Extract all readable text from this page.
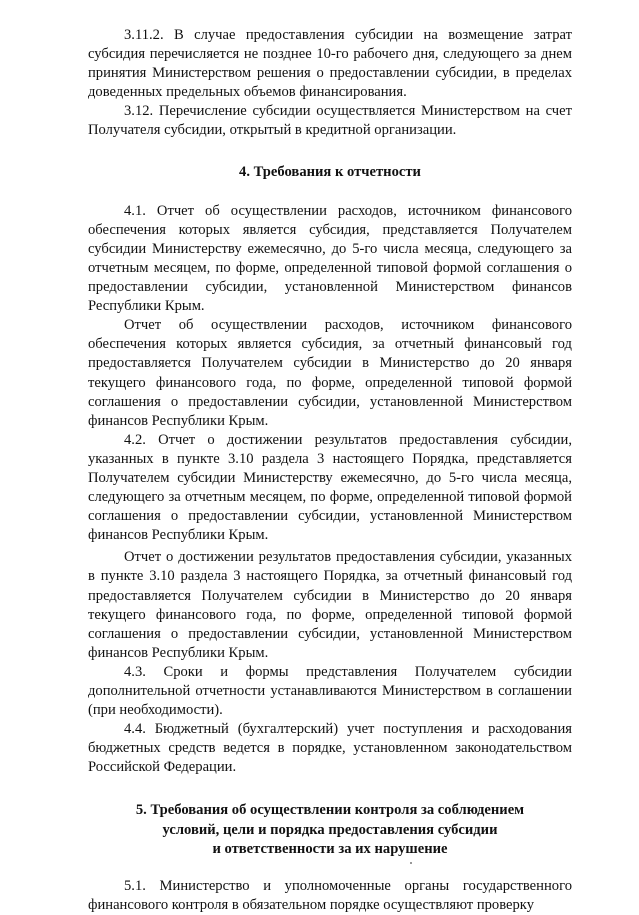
3.11.2. В случае предоставления субсидии на возмещение затрат субсидия перечисляется не позднее 10-го рабочего дня, следующего за днем принятия Министерством решения о предоставлении субсидии, в пределах доведенных предельных объемов финансирования.

3.12. Перечисление субсидии осуществляется Министерством на счет Получателя субсидии, открытый в кредитной организации.

4. Требования к отчетности

4.1. Отчет об осуществлении расходов, источником финансового обеспечения которых является субсидия, представляется Получателем субсидии Министерству ежемесячно, до 5-го числа месяца, следующего за отчетным месяцем, по форме, определенной типовой формой соглашения о предоставлении субсидии, установленной Министерством финансов Республики Крым.

Отчет об осуществлении расходов, источником финансового обеспечения которых является субсидия, за отчетный финансовый год предоставляется Получателем субсидии в Министерство до 20 января текущего финансового года, по форме, определенной типовой формой соглашения о предоставлении субсидии, установленной Министерством финансов Республики Крым.

4.2. Отчет о достижении результатов предоставления субсидии, указанных в пункте 3.10 раздела 3 настоящего Порядка, представляется Получателем субсидии Министерству ежемесячно, до 5-го числа месяца, следующего за отчетным месяцем, по форме, определенной типовой формой соглашения о предоставлении субсидии, установленной Министерством финансов Республики Крым.

Отчет о достижении результатов предоставления субсидии, указанных в пункте 3.10 раздела 3 настоящего Порядка, за отчетный финансовый год предоставляется Получателем субсидии в Министерство до 20 января текущего финансового года, по форме, определенной типовой формой соглашения о предоставлении субсидии, установленной Министерством финансов Республики Крым.

4.3. Сроки и формы представления Получателем субсидии дополнительной отчетности устанавливаются Министерством в соглашении (при необходимости).

4.4. Бюджетный (бухгалтерский) учет поступления и расходования бюджетных средств ведется в порядке, установленном законодательством Российской Федерации.

5. Требования об осуществлении контроля за соблюдением
условий, цели и порядка предоставления субсидии
и ответственности за их нарушение

5.1. Министерство и уполномоченные органы государственного финансового контроля в обязательном порядке осуществляют проверку
